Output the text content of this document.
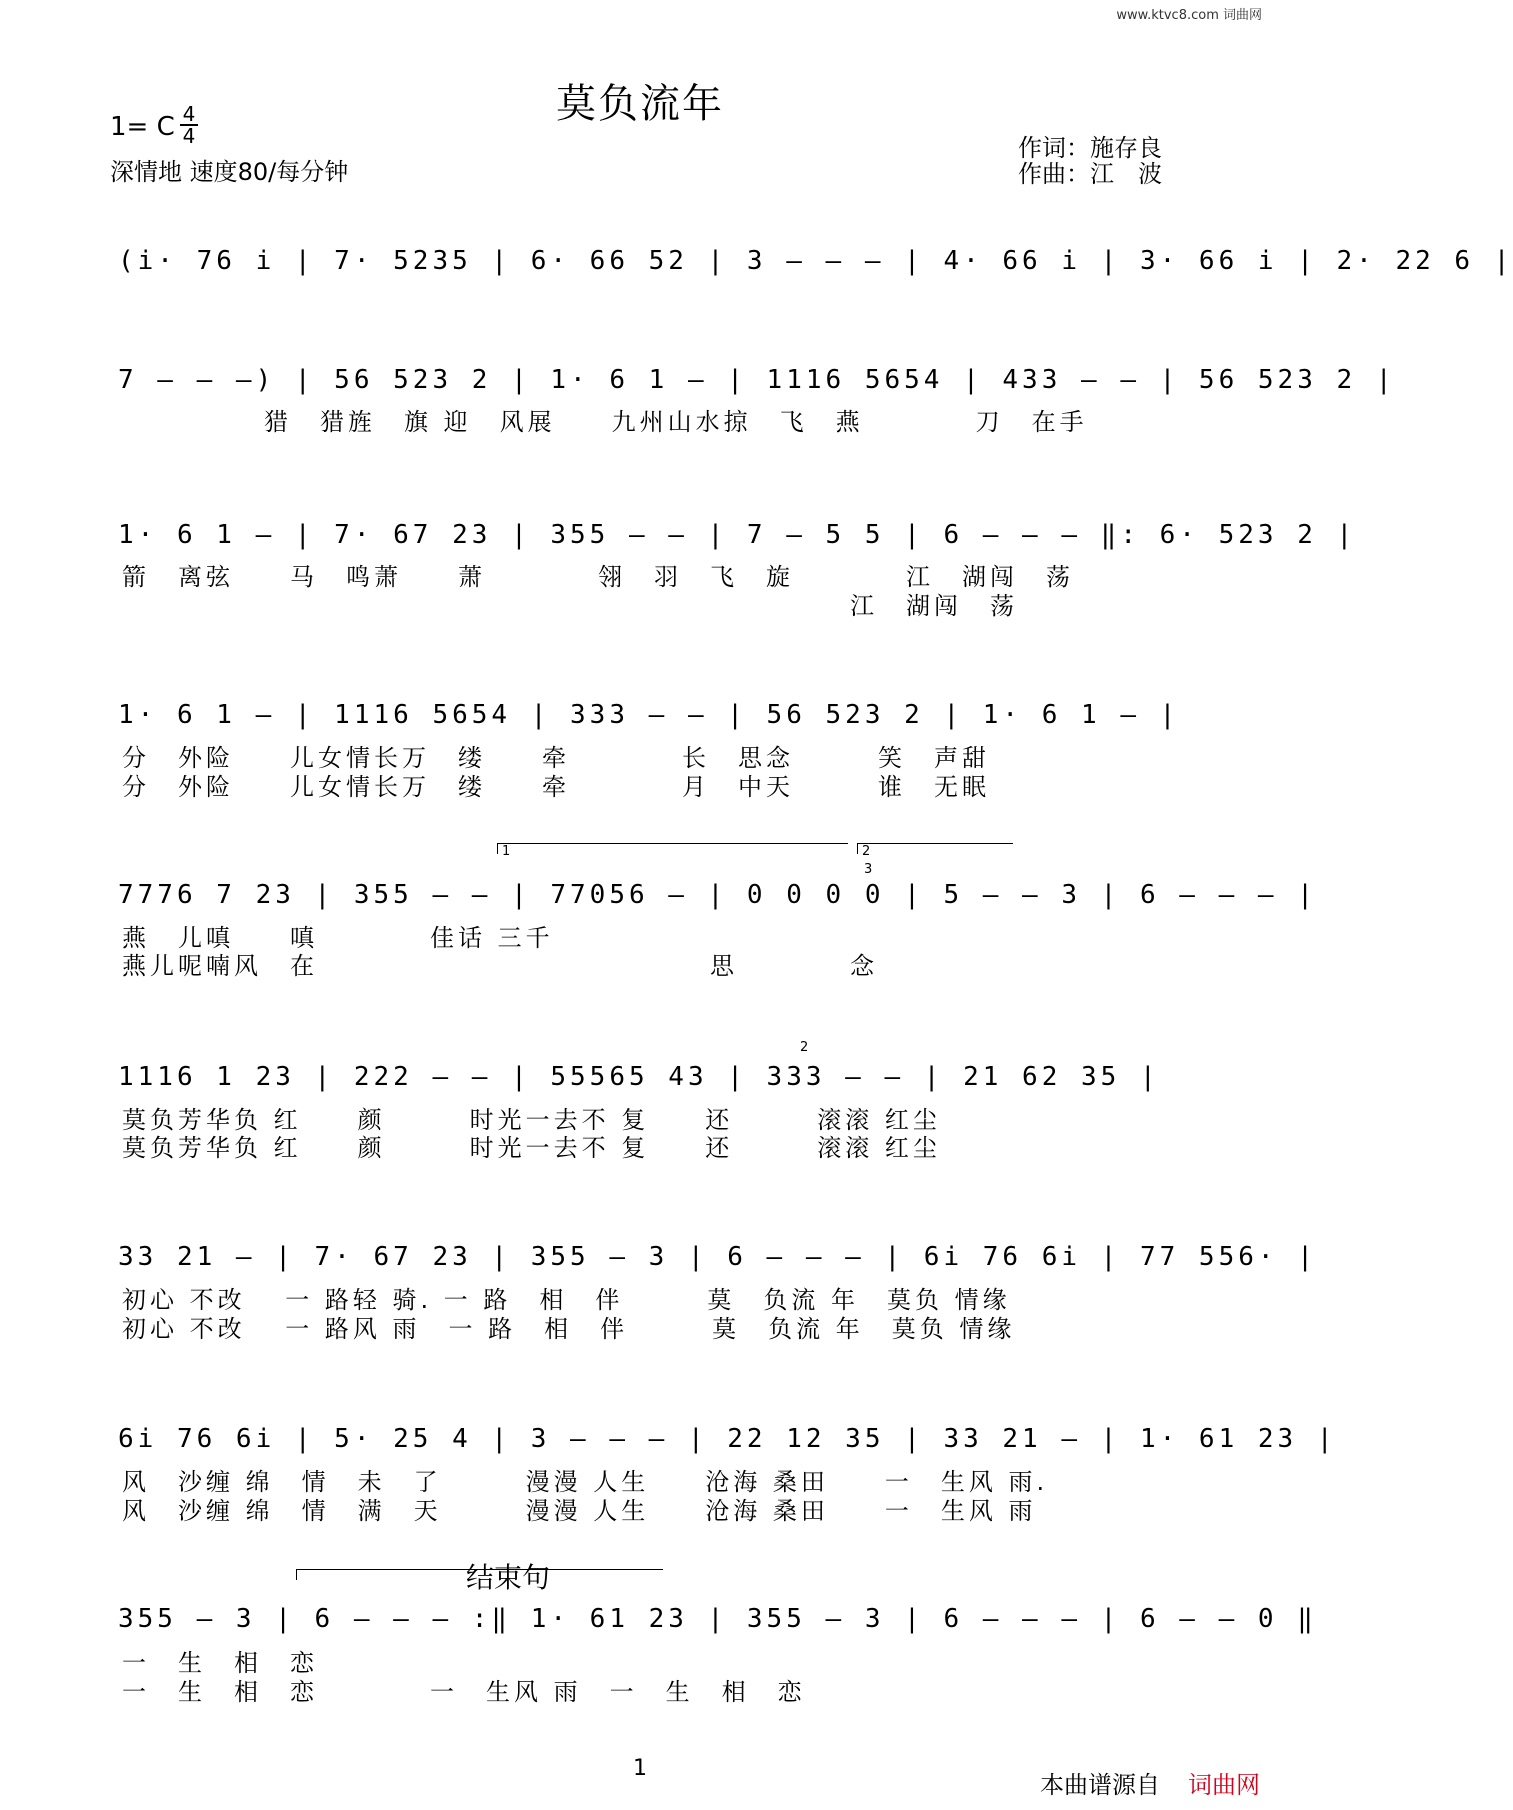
www.ktvc8.com 词曲网
莫负流年
1= C 4
4
深情地 速度80/每分钟
作词：施存良
作曲：江　波
(i· 76 i | 7· 5235 | 6· 66 52 | 3 — — — | 4· 66 i | 3· 66 i | 2· 22 6 |
7 — — —) | 56 523 2 | 1· 6 1 — | 1116 5654 | 433 — — | 56 523 2 |
猎　猎旌　旗 迎　风展　　九州山水掠　飞　燕　　　　刀　在手
1· 6 1 — | 7· 67 23 | 355 — — | 7 — 5 5 | 6 — — — ‖: 6· 523 2 |
箭　离弦　　马　鸣萧　　萧　　　　翎　羽　飞　旋　　　　江　湖闯　荡
　　　　　　　　　　　　　　　　　　　　　　　　　　江　湖闯　荡
1· 6 1 — | 1116 5654 | 333 — — | 56 523 2 | 1· 6 1 — |
分　外险　　儿女情长万　缕　　牵　　　　长　思念　　　笑　声甜
分　外险　　儿女情长万　缕　　牵　　　　月　中天　　　谁　无眠
1	2
3
7776 7 23 | 355 — — | 77056 — | 0 0 0 0 | 5 — — 3 | 6 — — — |
燕　儿嗔　　嗔　　　　佳话 三千
燕儿呢喃风　在　　　　　　　　　　　　　　思　　　　念
2
1116 1 23 | 222 — — | 55565 43 | 333 — — | 21 62 35 |
莫负芳华负 红　　颜　　　时光一去不 复　　还　　　滚滚 红尘
莫负芳华负 红　　颜　　　时光一去不 复　　还　　　滚滚 红尘
33 21 — | 7· 67 23 | 355 — 3 | 6 — — — | 6i 76 6i | 77 556· |
初心 不改　 一 路轻 骑. 一 路　相　伴　　　莫　负流 年　莫负 情缘
初心 不改　 一 路风 雨　一 路　相　伴　　　莫　负流 年　莫负 情缘
6i 76 6i | 5· 25 4 | 3 — — — | 22 12 35 | 33 21 — | 1· 61 23 |
风　沙缠 绵　情　未　了　　　漫漫 人生　　沧海 桑田　　一　生风 雨.
风　沙缠 绵　情　满　天　　　漫漫 人生　　沧海 桑田　　一　生风 雨
结束句
355 — 3 | 6 — — — :‖ 1· 61 23 | 355 — 3 | 6 — — — | 6 — — 0 ‖
一　生　相　恋
一　生　相　恋　　　　一　生风 雨　一　生　相　恋
1
本曲谱源自 词曲网
